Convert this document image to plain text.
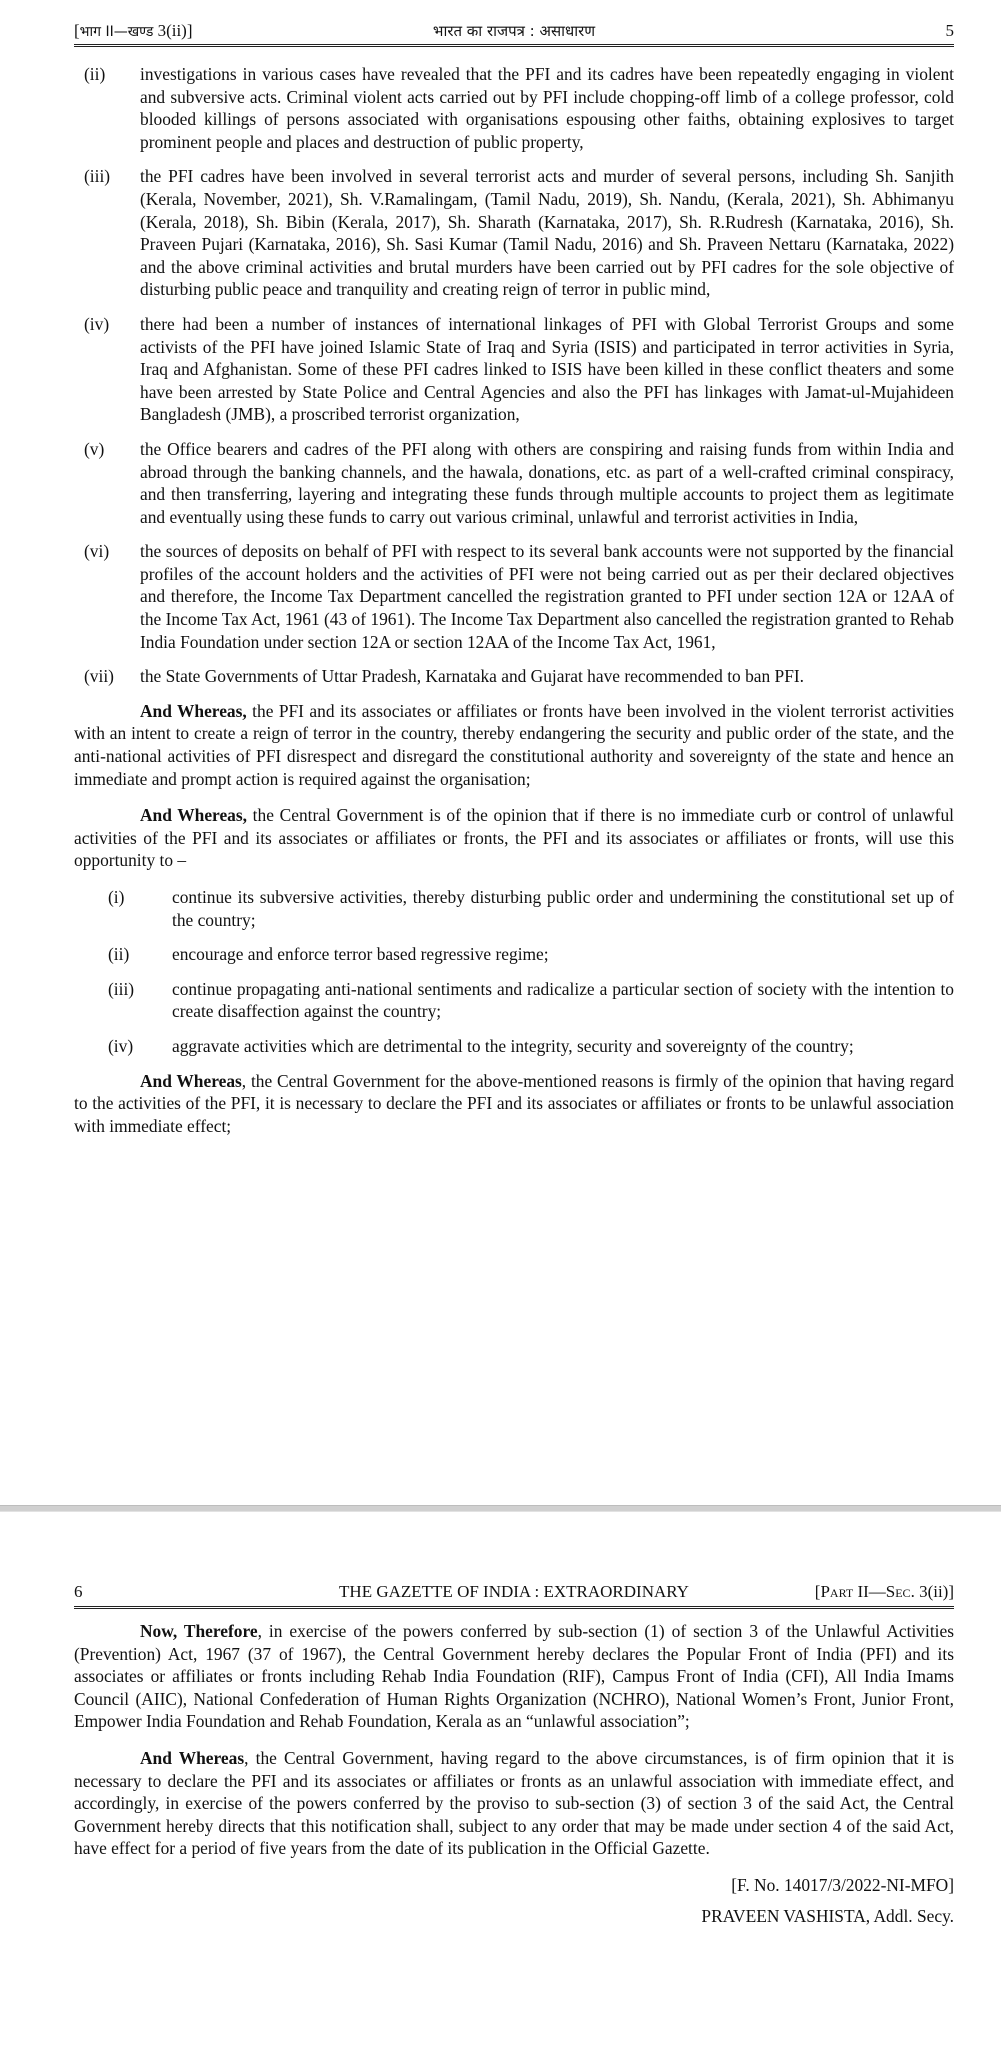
[भाग II—खण्ड 3(ii)]	भारत का राजपत्र : असाधारण	5
(ii)	investigations in various cases have revealed that the PFI and its cadres have been repeatedly engaging in violent and subversive acts. Criminal violent acts carried out by PFI include chopping-off limb of a college professor, cold blooded killings of persons associated with organisations espousing other faiths, obtaining explosives to target prominent people and places and destruction of public property,
(iii)	the PFI cadres have been involved in several terrorist acts and murder of several persons, including Sh. Sanjith (Kerala, November, 2021), Sh. V.Ramalingam, (Tamil Nadu, 2019), Sh. Nandu, (Kerala, 2021), Sh. Abhimanyu (Kerala, 2018), Sh. Bibin (Kerala, 2017), Sh. Sharath (Karnataka, 2017), Sh. R.Rudresh (Karnataka, 2016), Sh. Praveen Pujari (Karnataka, 2016), Sh. Sasi Kumar (Tamil Nadu, 2016) and Sh. Praveen Nettaru (Karnataka, 2022) and the above criminal activities and brutal murders have been carried out by PFI cadres for the sole objective of disturbing public peace and tranquility and creating reign of terror in public mind,
(iv)	there had been a number of instances of international linkages of PFI with Global Terrorist Groups and some activists of the PFI have joined Islamic State of Iraq and Syria (ISIS) and participated in terror activities in Syria, Iraq and Afghanistan. Some of these PFI cadres linked to ISIS have been killed in these conflict theaters and some have been arrested by State Police and Central Agencies and also the PFI has linkages with Jamat-ul-Mujahideen Bangladesh (JMB), a proscribed terrorist organization,
(v)	the Office bearers and cadres of the PFI along with others are conspiring and raising funds from within India and abroad through the banking channels, and the hawala, donations, etc. as part of a well-crafted criminal conspiracy, and then transferring, layering and integrating these funds through multiple accounts to project them as legitimate and eventually using these funds to carry out various criminal, unlawful and terrorist activities in India,
(vi)	the sources of deposits on behalf of PFI with respect to its several bank accounts were not supported by the financial profiles of the account holders and the activities of PFI were not being carried out as per their declared objectives and therefore, the Income Tax Department cancelled the registration granted to PFI under section 12A or 12AA of the Income Tax Act, 1961 (43 of 1961). The Income Tax Department also cancelled the registration granted to Rehab India Foundation under section 12A or section 12AA of the Income Tax Act, 1961,
(vii)	the State Governments of Uttar Pradesh, Karnataka and Gujarat have recommended to ban PFI.

And Whereas, the PFI and its associates or affiliates or fronts have been involved in the violent terrorist activities with an intent to create a reign of terror in the country, thereby endangering the security and public order of the state, and the anti-national activities of PFI disrespect and disregard the constitutional authority and sovereignty of the state and hence an immediate and prompt action is required against the organisation;

And Whereas, the Central Government is of the opinion that if there is no immediate curb or control of unlawful activities of the PFI and its associates or affiliates or fronts, the PFI and its associates or affiliates or fronts, will use this opportunity to –

(i)	continue its subversive activities, thereby disturbing public order and undermining the constitutional set up of the country;
(ii)	encourage and enforce terror based regressive regime;
(iii)	continue propagating anti-national sentiments and radicalize a particular section of society with the intention to create disaffection against the country;
(iv)	aggravate activities which are detrimental to the integrity, security and sovereignty of the country;

And Whereas, the Central Government for the above-mentioned reasons is firmly of the opinion that having regard to the activities of the PFI, it is necessary to declare the PFI and its associates or affiliates or fronts to be unlawful association with immediate effect;

6	THE GAZETTE OF INDIA : EXTRAORDINARY	[Part II—Sec. 3(ii)]

Now, Therefore, in exercise of the powers conferred by sub-section (1) of section 3 of the Unlawful Activities (Prevention) Act, 1967 (37 of 1967), the Central Government hereby declares the Popular Front of India (PFI) and its associates or affiliates or fronts including Rehab India Foundation (RIF), Campus Front of India (CFI), All India Imams Council (AIIC), National Confederation of Human Rights Organization (NCHRO), National Women’s Front, Junior Front, Empower India Foundation and Rehab Foundation, Kerala as an “unlawful association”;

And Whereas, the Central Government, having regard to the above circumstances, is of firm opinion that it is necessary to declare the PFI and its associates or affiliates or fronts as an unlawful association with immediate effect, and accordingly, in exercise of the powers conferred by the proviso to sub-section (3) of section 3 of the said Act, the Central Government hereby directs that this notification shall, subject to any order that may be made under section 4 of the said Act, have effect for a period of five years from the date of its publication in the Official Gazette.

[F. No. 14017/3/2022-NI-MFO]
PRAVEEN VASHISTA, Addl. Secy.
